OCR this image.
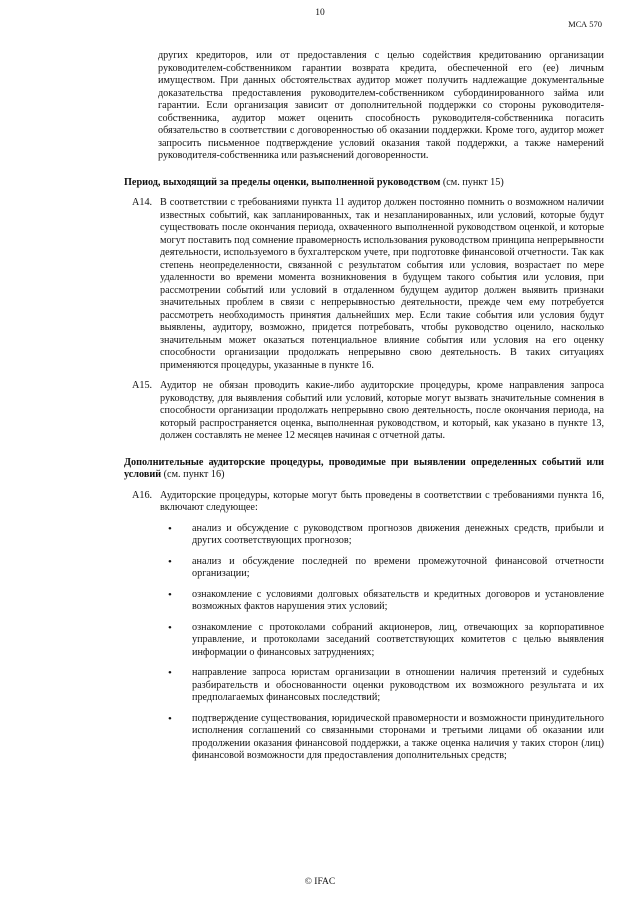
10
МСА 570

других кредиторов, или от предоставления с целью содействия кредитованию организации руководителем-собственником гарантии возврата кредита, обеспеченной его (ее) личным имуществом. При данных обстоятельствах аудитор может получить надлежащие документальные доказательства предоставления руководителем-собственником субординированного займа или гарантии. Если организация зависит от дополнительной поддержки со стороны руководителя-собственника, аудитор может оценить способность руководителя-собственника погасить обязательство в соответствии с договоренностью об оказании поддержки. Кроме того, аудитор может запросить письменное подтверждение условий оказания такой поддержки, а также намерений руководителя-собственника или разъяснений договоренности.

Период, выходящий за пределы оценки, выполненной руководством (см. пункт 15)

A14. В соответствии с требованиями пункта 11 аудитор должен постоянно помнить о возможном наличии известных событий, как запланированных, так и незапланированных, или условий, которые будут существовать после окончания периода, охваченного выполненной руководством оценкой, и которые могут поставить под сомнение правомерность использования руководством принципа непрерывности деятельности, используемого в бухгалтерском учете, при подготовке финансовой отчетности. Так как степень неопределенности, связанной с результатом события или условия, возрастает по мере удаленности во времени момента возникновения в будущем такого события или условия, при рассмотрении событий или условий в отдаленном будущем аудитор должен выявить признаки значительных проблем в связи с непрерывностью деятельности, прежде чем ему потребуется рассмотреть необходимость принятия дальнейших мер. Если такие события или условия будут выявлены, аудитору, возможно, придется потребовать, чтобы руководство оценило, насколько значительным может оказаться потенциальное влияние события или условия на его оценку способности организации продолжать непрерывно свою деятельность. В таких ситуациях применяются процедуры, указанные в пункте 16.
A15. Аудитор не обязан проводить какие-либо аудиторские процедуры, кроме направления запроса руководству, для выявления событий или условий, которые могут вызвать значительные сомнения в способности организации продолжать непрерывно свою деятельность, после окончания периода, на который распространяется оценка, выполненная руководством, и который, как указано в пункте 13, должен составлять не менее 12 месяцев начиная с отчетной даты.

Дополнительные аудиторские процедуры, проводимые при выявлении определенных событий или условий (см. пункт 16)

A16. Аудиторские процедуры, которые могут быть проведены в соответствии с требованиями пункта 16, включают следующее:
•	анализ и обсуждение с руководством прогнозов движения денежных средств, прибыли и других соответствующих прогнозов;
•	анализ и обсуждение последней по времени промежуточной финансовой отчетности организации;
•	ознакомление с условиями долговых обязательств и кредитных договоров и установление возможных фактов нарушения этих условий;
•	ознакомление с протоколами собраний акционеров, лиц, отвечающих за корпоративное управление, и протоколами заседаний соответствующих комитетов с целью выявления информации о финансовых затруднениях;
•	направление запроса юристам организации в отношении наличия претензий и судебных разбирательств и обоснованности оценки руководством их возможного результата и их предполагаемых финансовых последствий;
•	подтверждение существования, юридической правомерности и возможности принудительного исполнения соглашений со связанными сторонами и третьими лицами об оказании или продолжении оказания финансовой поддержки, а также оценка наличия у таких сторон (лиц) финансовой возможности для предоставления дополнительных средств;
© IFAC
